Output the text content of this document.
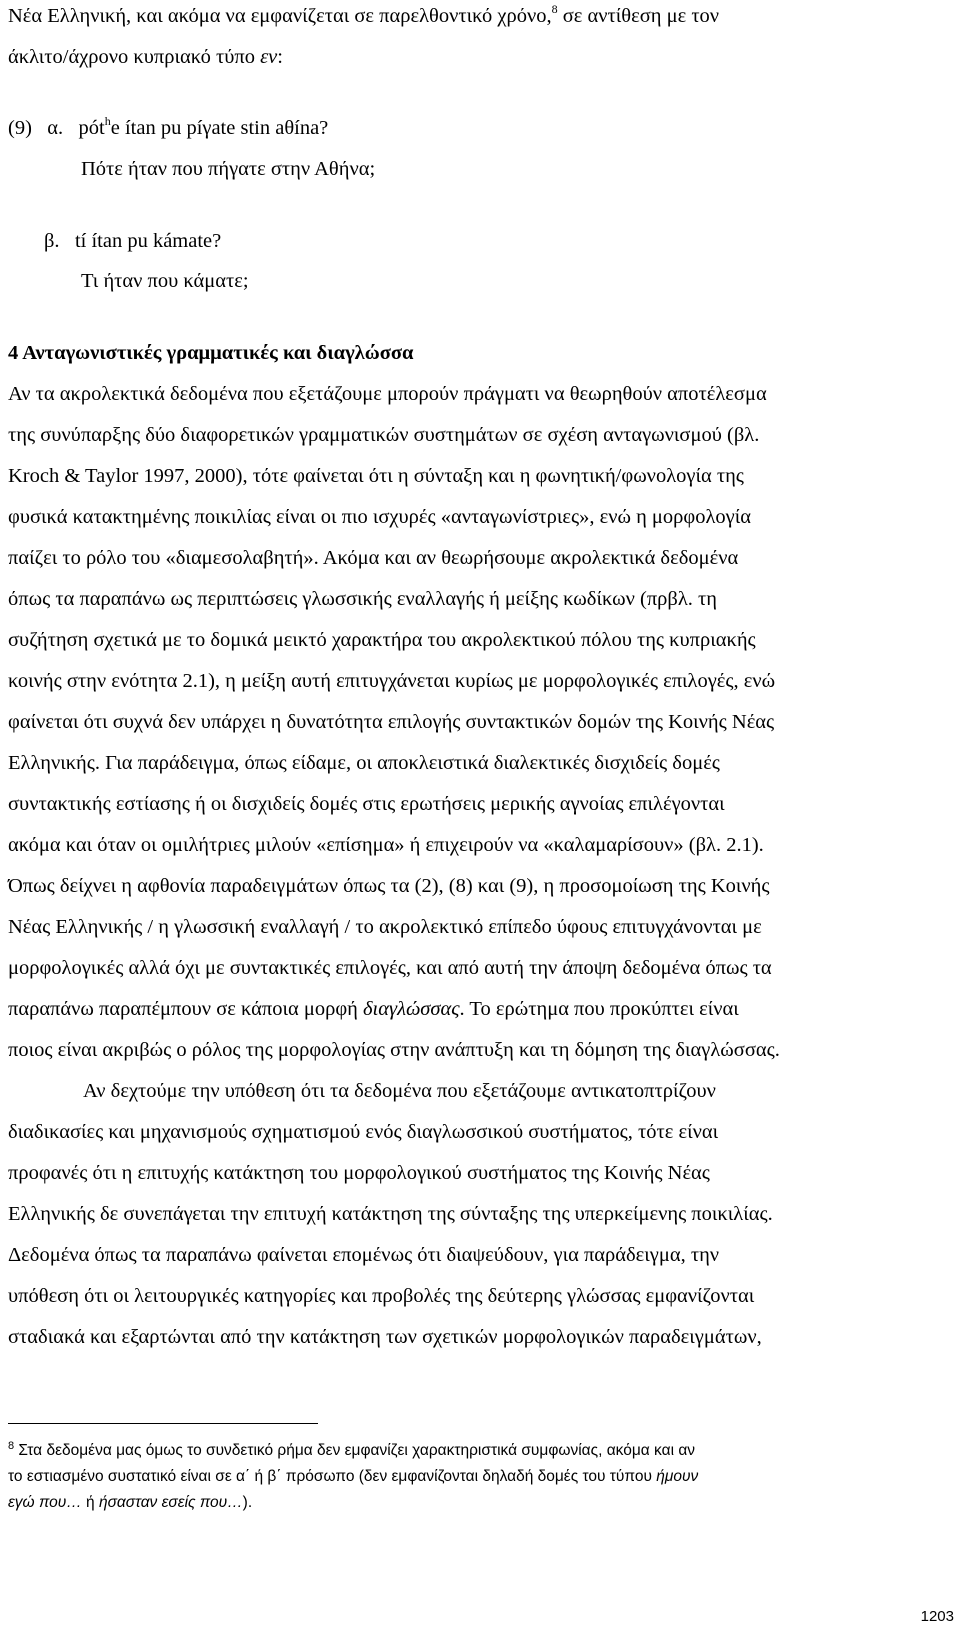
Νέα Ελληνική, και ακόμα να εμφανίζεται σε παρελθοντικό χρόνο,$^8$ σε αντίθεση με τον
άκλιτο/άχρονο κυπριακό τύπο εν:
(9) α. pót$^h$e ítan pu píγate stin aθína?
Πότε ήταν που πήγατε στην Αθήνα;
β. tí ítan pu kámate?
Τι ήταν που κάματε;
4 Ανταγωνιστικές γραμματικές και διαγλώσσα
Αν τα ακρολεκτικά δεδομένα που εξετάζουμε μπορούν πράγματι να θεωρηθούν αποτέλεσμα
της συνύπαρξης δύο διαφορετικών γραμματικών συστημάτων σε σχέση ανταγωνισμού (βλ.
Kroch & Taylor 1997, 2000), τότε φαίνεται ότι η σύνταξη και η φωνητική/φωνολογία της
φυσικά κατακτημένης ποικιλίας είναι οι πιο ισχυρές «ανταγωνίστριες», ενώ η μορφολογία
παίζει το ρόλο του «διαμεσολαβητή». Ακόμα και αν θεωρήσουμε ακρολεκτικά δεδομένα
όπως τα παραπάνω ως περιπτώσεις γλωσσικής εναλλαγής ή μείξης κωδίκων (πρβλ. τη
συζήτηση σχετικά με το δομικά μεικτό χαρακτήρα του ακρολεκτικού πόλου της κυπριακής
κοινής στην ενότητα 2.1), η μείξη αυτή επιτυγχάνεται κυρίως με μορφολογικές επιλογές, ενώ
φαίνεται ότι συχνά δεν υπάρχει η δυνατότητα επιλογής συντακτικών δομών της Κοινής Νέας
Ελληνικής. Για παράδειγμα, όπως είδαμε, οι αποκλειστικά διαλεκτικές δισχιδείς δομές
συντακτικής εστίασης ή οι δισχιδείς δομές στις ερωτήσεις μερικής αγνοίας επιλέγονται
ακόμα και όταν οι ομιλήτριες μιλούν «επίσημα» ή επιχειρούν να «καλαμαρίσουν» (βλ. 2.1).
Όπως δείχνει η αφθονία παραδειγμάτων όπως τα (2), (8) και (9), η προσομοίωση της Κοινής
Νέας Ελληνικής / η γλωσσική εναλλαγή / το ακρολεκτικό επίπεδο ύφους επιτυγχάνονται με
μορφολογικές αλλά όχι με συντακτικές επιλογές, και από αυτή την άποψη δεδομένα όπως τα
παραπάνω παραπέμπουν σε κάποια μορφή διαγλώσσας. Το ερώτημα που προκύπτει είναι
ποιος είναι ακριβώς ο ρόλος της μορφολογίας στην ανάπτυξη και τη δόμηση της διαγλώσσας.
Αν δεχτούμε την υπόθεση ότι τα δεδομένα που εξετάζουμε αντικατοπτρίζουν
διαδικασίες και μηχανισμούς σχηματισμού ενός διαγλωσσικού συστήματος, τότε είναι
προφανές ότι η επιτυχής κατάκτηση του μορφολογικού συστήματος της Κοινής Νέας
Ελληνικής δε συνεπάγεται την επιτυχή κατάκτηση της σύνταξης της υπερκείμενης ποικιλίας.
Δεδομένα όπως τα παραπάνω φαίνεται επομένως ότι διαψεύδουν, για παράδειγμα, την
υπόθεση ότι οι λειτουργικές κατηγορίες και προβολές της δεύτερης γλώσσας εμφανίζονται
σταδιακά και εξαρτώνται από την κατάκτηση των σχετικών μορφολογικών παραδειγμάτων,
$^8$ Στα δεδομένα μας όμως το συνδετικό ρήμα δεν εμφανίζει χαρακτηριστικά συμφωνίας, ακόμα και αν
το εστιασμένο συστατικό είναι σε α΄ ή β΄ πρόσωπο (δεν εμφανίζονται δηλαδή δομές του τύπου ήμουν
εγώ που… ή ήσασταν εσείς που…).
1203
